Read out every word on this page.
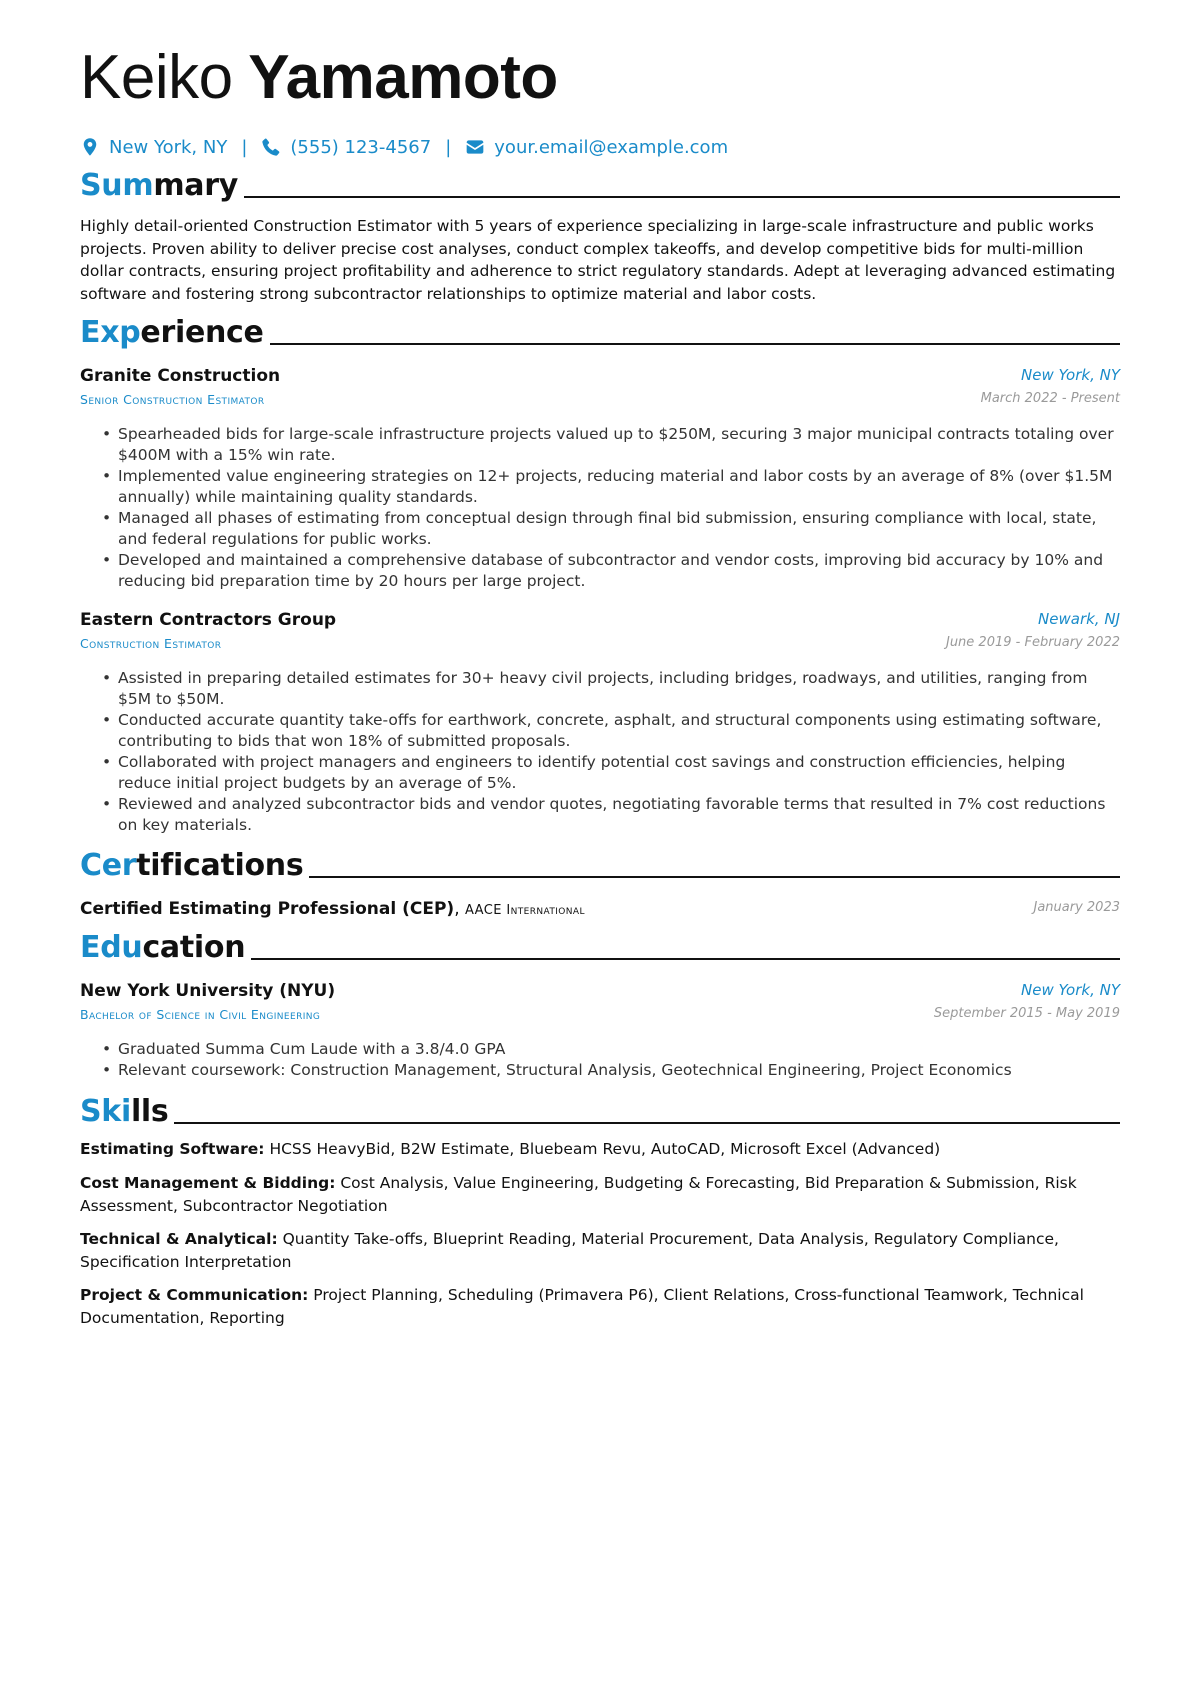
Keiko Yamamoto
New York, NY | (555) 123-4567 | your.email@example.com
Summary

Highly detail-oriented Construction Estimator with 5 years of experience specializing in large-scale infrastructure and public works projects. Proven ability to deliver precise cost analyses, conduct complex takeoffs, and develop competitive bids for multi-million dollar contracts, ensuring project profitability and adherence to strict regulatory standards. Adept at leveraging advanced estimating software and fostering strong subcontractor relationships to optimize material and labor costs.

Experience
Granite Construction	New York, NY
Senior Construction Estimator	March 2022 - Present
• Spearheaded bids for large-scale infrastructure projects valued up to $250M, securing 3 major municipal contracts totaling over $400M with a 15% win rate.
• Implemented value engineering strategies on 12+ projects, reducing material and labor costs by an average of 8% (over $1.5M annually) while maintaining quality standards.
• Managed all phases of estimating from conceptual design through final bid submission, ensuring compliance with local, state, and federal regulations for public works.
• Developed and maintained a comprehensive database of subcontractor and vendor costs, improving bid accuracy by 10% and reducing bid preparation time by 20 hours per large project.
Eastern Contractors Group	Newark, NJ
Construction Estimator	June 2019 - February 2022
• Assisted in preparing detailed estimates for 30+ heavy civil projects, including bridges, roadways, and utilities, ranging from $5M to $50M.
• Conducted accurate quantity take-offs for earthwork, concrete, asphalt, and structural components using estimating software, contributing to bids that won 18% of submitted proposals.
• Collaborated with project managers and engineers to identify potential cost savings and construction efficiencies, helping reduce initial project budgets by an average of 5%.
• Reviewed and analyzed subcontractor bids and vendor quotes, negotiating favorable terms that resulted in 7% cost reductions on key materials.
Certifications
Certified Estimating Professional (CEP), AACE International	January 2023
Education
New York University (NYU)	New York, NY
Bachelor of Science in Civil Engineering	September 2015 - May 2019
• Graduated Summa Cum Laude with a 3.8/4.0 GPA
• Relevant coursework: Construction Management, Structural Analysis, Geotechnical Engineering, Project Economics
Skills

Estimating Software: HCSS HeavyBid, B2W Estimate, Bluebeam Revu, AutoCAD, Microsoft Excel (Advanced)

Cost Management & Bidding: Cost Analysis, Value Engineering, Budgeting & Forecasting, Bid Preparation & Submission, Risk Assessment, Subcontractor Negotiation

Technical & Analytical: Quantity Take-offs, Blueprint Reading, Material Procurement, Data Analysis, Regulatory Compliance, Specification Interpretation

Project & Communication: Project Planning, Scheduling (Primavera P6), Client Relations, Cross-functional Teamwork, Technical Documentation, Reporting
